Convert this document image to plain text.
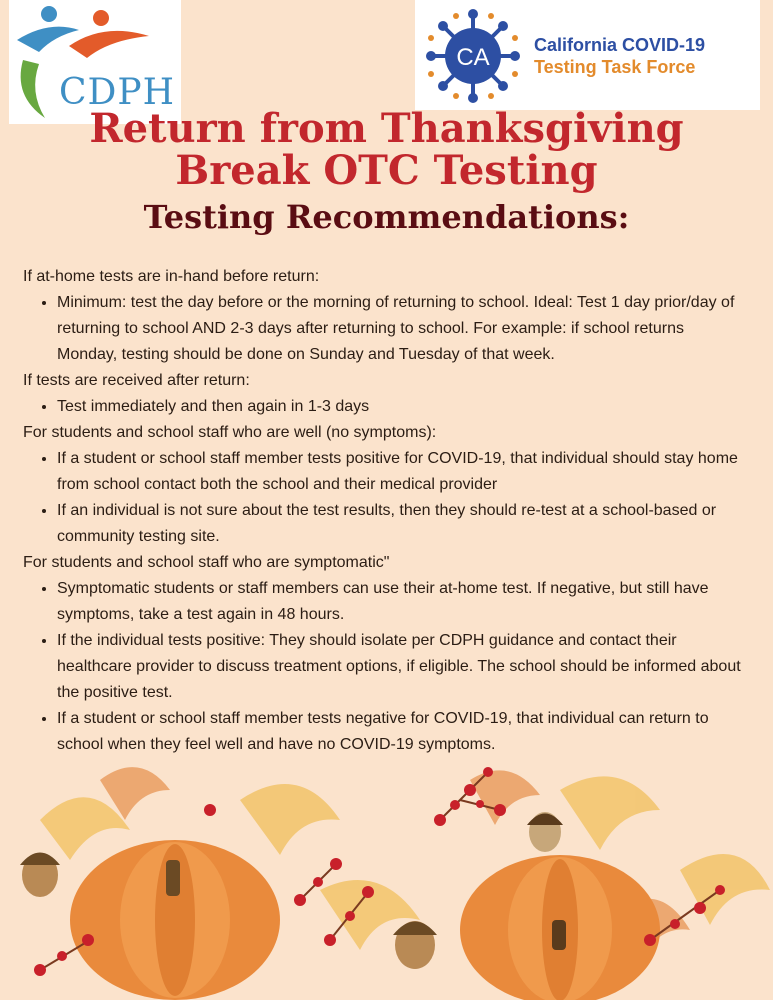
CDPH
CA California COVID-19
Testing Task Force
Return from Thanksgiving
Break OTC Testing
Testing Recommendations:

If at-home tests are in-hand before return:

• Minimum: test the day before or the morning of returning to school. Ideal: Test 1 day prior/day of returning to school AND 2-3 days after returning to school. For example: if school returns Monday, testing should be done on Sunday and Tuesday of that week.

If tests are received after return:

• Test immediately and then again in 1-3 days

For students and school staff who are well (no symptoms):

• If a student or school staff member tests positive for COVID-19, that individual should stay home from school contact both the school and their medical provider
• If an individual is not sure about the test results, then they should re-test at a school-based or community testing site.

For students and school staff who are symptomatic"

• Symptomatic students or staff members can use their at-home test. If negative, but still have symptoms, take a test again in 48 hours.
• If the individual tests positive: They should isolate per CDPH guidance and contact their healthcare provider to discuss treatment options, if eligible. The school should be informed about the positive test.
• If a student or school staff member tests negative for COVID-19, that individual can return to school when they feel well and have no COVID-19 symptoms.
